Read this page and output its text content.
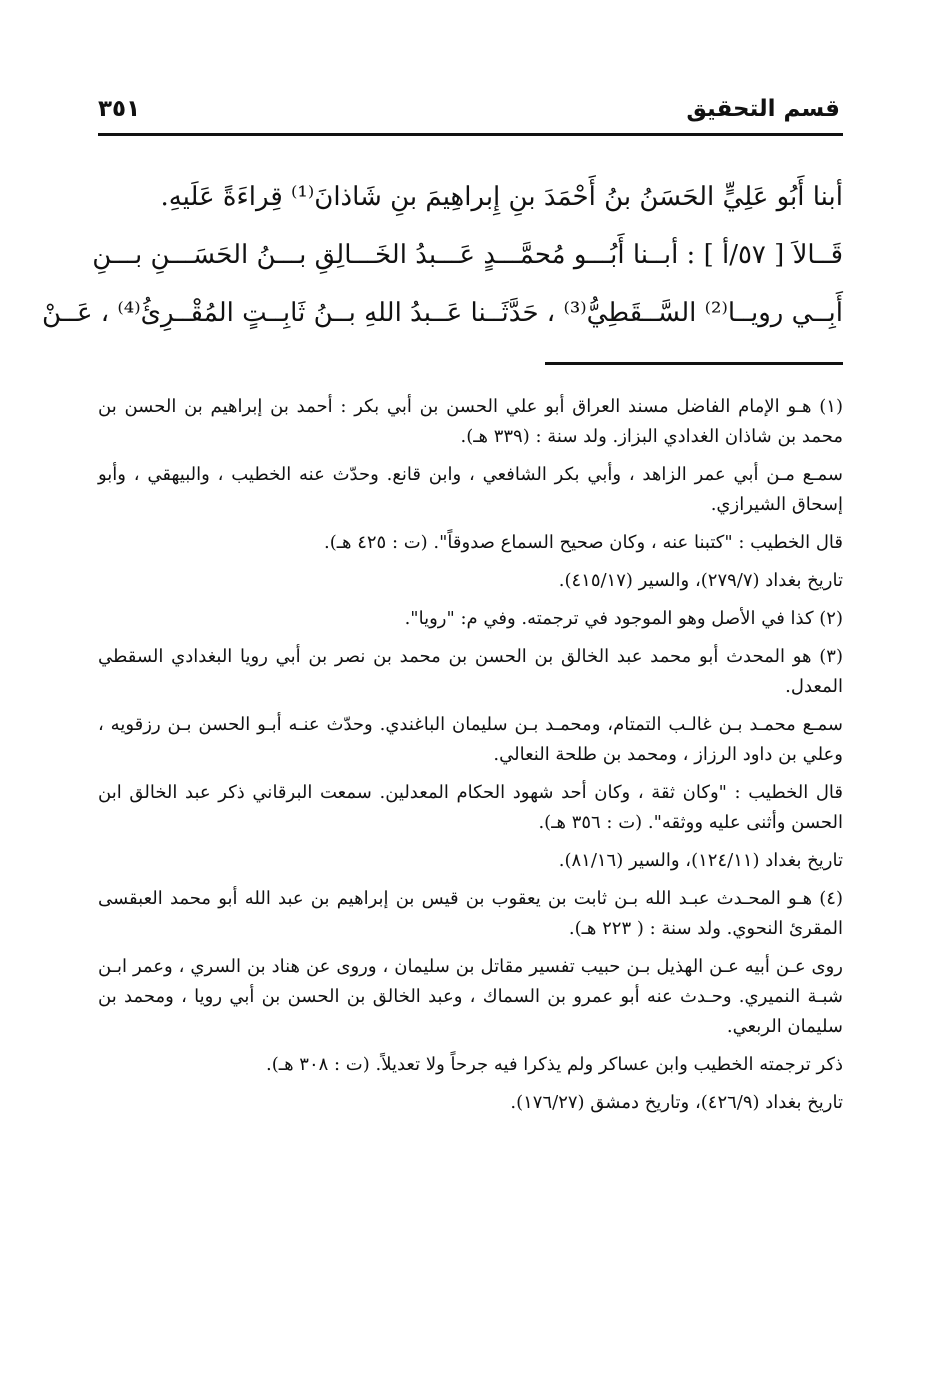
قسم التحقيق
٣٥١
أبنا أَبُو عَلِيٍّ الحَسَنُ بنُ أَحْمَدَ بنِ إِبراهِيمَ بنِ شَاذانَ⁽¹⁾ قِراءَةً عَلَيهِ.
قَــالاَ [ ٥٧/أ ] : أبــنا أَبُـــو مُحمَّـــدٍ عَـــبدُ الخَـــالِقِ بـــنُ الحَسَـــنِ بـــنِ
أَبِــي رويــا⁽²⁾ السَّــقَطِيُّ⁽³⁾ ، حَدَّثَــنا عَــبدُ اللهِ بــنُ ثَابِــتٍ المُقْــرِئُ⁽⁴⁾ ، عَــنْ

(١) هـو الإمام الفاضل مسند العراق أبو علي الحسن بن أبي بكر : أحمد بن إبراهيم بن الحسن بن محمد بن شاذان الغدادي البزاز. ولد سنة : (٣٣٩ هـ).

سمـع مـن أبي عمر الزاهد ، وأبي بكر الشافعي ، وابن قانع. وحدّث عنه الخطيب ، والبيهقي ، وأبو إسحاق الشيرازي.

قال الخطيب : "كتبنا عنه ، وكان صحيح السماع صدوقاً". (ت : ٤٢٥ هـ).

تاريخ بغداد (٢٧٩/٧)، والسير (٤١٥/١٧).

(٢) كذا في الأصل وهو الموجود في ترجمته. وفي م: "رويا".

(٣) هو المحدث أبو محمد عبد الخالق بن الحسن بن محمد بن نصر بن أبي رويا البغدادي السقطي المعدل.

سمـع محمـد بـن غالـب التمتام، ومحمـد بـن سليمان الباغندي. وحدّث عنـه أبـو الحسن بـن رزقويه ، وعلي بن داود الرزاز ، ومحمد بن طلحة النعالي.

قال الخطيب : "وكان ثقة ، وكان أحد شهود الحكام المعدلين. سمعت البرقاني ذكر عبد الخالق ابن الحسن وأثنى عليه ووثقه". (ت : ٣٥٦ هـ).

تاريخ بغداد (١٢٤/١١)، والسير (٨١/١٦).

(٤) هـو المحـدث عبـد الله بـن ثابت بن يعقوب بن قيس بن إبراهيم بن عبد الله أبو محمد العبقسى المقرئ النحوي. ولد سنة : ( ٢٢٣ هـ).

روى عـن أبيه عـن الهذيل بـن حبيب تفسير مقاتل بن سليمان ، وروى عن هناد بن السري ، وعمر ابـن شبـة النميري. وحـدث عنه أبو عمرو بن السماك ، وعبد الخالق بن الحسن بن أبي رويا ، ومحمد بن سليمان الربعي.

ذكر ترجمته الخطيب وابن عساكر ولم يذكرا فيه جرحاً ولا تعديلاً. (ت : ٣٠٨ هـ).

تاريخ بغداد (٤٢٦/٩)، وتاريخ دمشق (١٧٦/٢٧).
